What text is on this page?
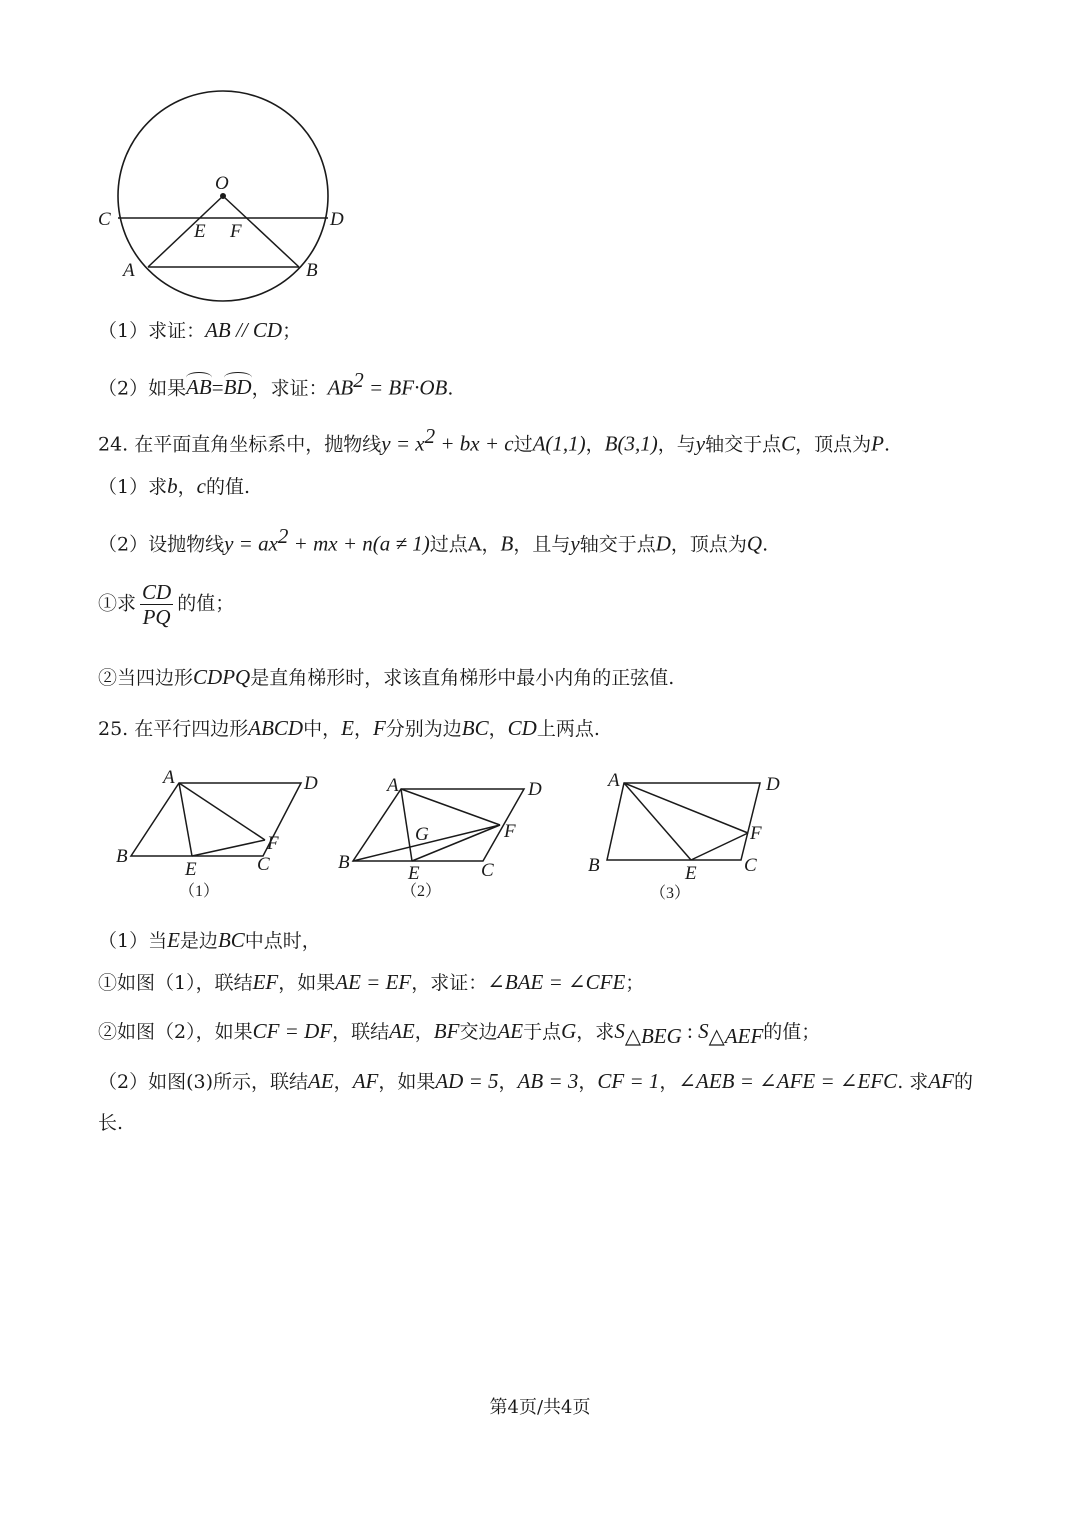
O
C	D
E F
A	B
（1）求证：AB // CD；
（2）如果AB=BD，求证：$AB^2 = BF\cdot OB$.
24. 在平面直角坐标系中，抛物线$y = x^2$ + bx + c过A(1,1)，B(3,1)，与y轴交于点C，顶点为P.
（1）求b，c的值.
（2）设抛物线$y = ax^2$ + mx + n(a ≠ 1)过点A，B，且与y轴交于点D，顶点为Q.
①求 $\frac{CD}{PQ}$ 的值；
②当四边形CDPQ是直角梯形时，求该直角梯形中最小内角的正弦值.
25. 在平行四边形ABCD中，E，F分别为边BC，CD上两点.
A	D
B
E	C
F
（1）
A	D
G	F
B
E	C
（2）
A	D
F
B	E C
（3）
（1）当E是边BC中点时，
①如图（1），联结EF，如果AE = EF，求证：∠BAE = ∠CFE；
②如图（2），如果CF = DF，联结AE，BF交边AE于点G，求$S_{\triangle BEG}$ : $S_{\triangle AEF}$的值；
（2）如图(3)所示，联结AE，AF，如果AD = 5，AB = 3，CF = 1，∠AEB = ∠AFE = ∠EFC. 求AF的
长.
第4页/共4页
